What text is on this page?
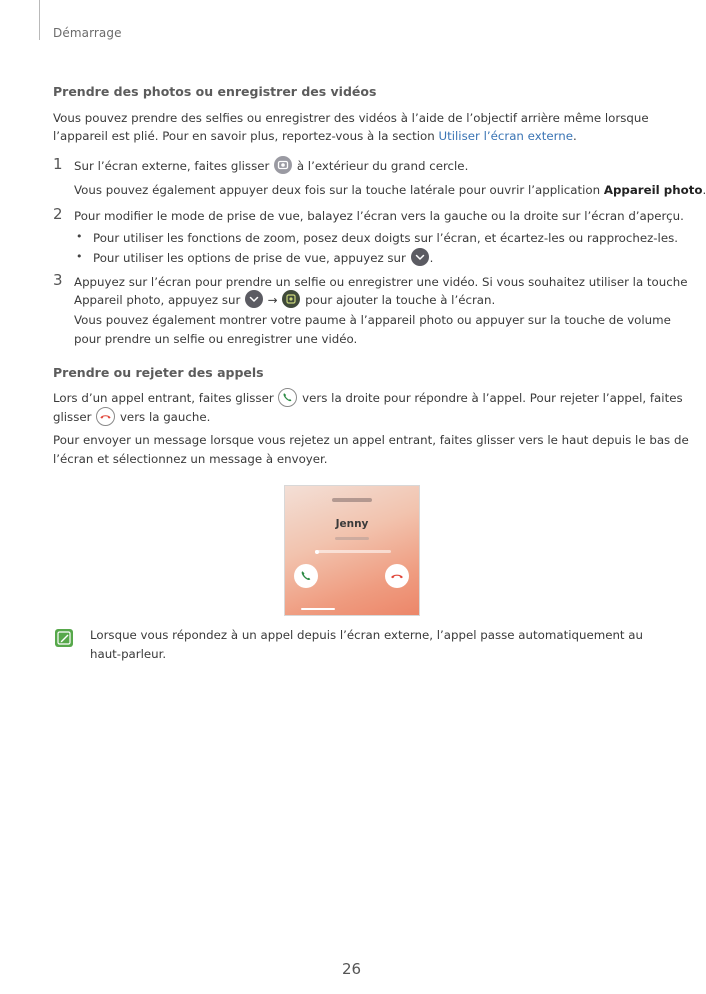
Démarrage
Prendre des photos ou enregistrer des vidéos
Vous pouvez prendre des selfies ou enregistrer des vidéos à l’aide de l’objectif arrière même lorsque
l’appareil est plié. Pour en savoir plus, reportez-vous à la section Utiliser l’écran externe.
1 Sur l’écran externe, faites glisser
à l’extérieur du grand cercle.
Vous pouvez également appuyer deux fois sur la touche latérale pour ouvrir l’application Appareil photo.
2 Pour modifier le mode de prise de vue, balayez l’écran vers la gauche ou la droite sur l’écran d’aperçu.
• Pour utiliser les fonctions de zoom, posez deux doigts sur l’écran, et écartez-les ou rapprochez-les.
• Pour utiliser les options de prise de vue, appuyez sur
.
3 Appuyez sur l’écran pour prendre un selfie ou enregistrer une vidéo. Si vous souhaitez utiliser la touche
Appareil photo, appuyez sur
→
pour ajouter la touche à l’écran.
Vous pouvez également montrer votre paume à l’appareil photo ou appuyer sur la touche de volume
pour prendre un selfie ou enregistrer une vidéo.
Prendre ou rejeter des appels
Lors d’un appel entrant, faites glisser
vers la droite pour répondre à l’appel. Pour rejeter l’appel, faites
glisser
vers la gauche.
Pour envoyer un message lorsque vous rejetez un appel entrant, faites glisser vers le haut depuis le bas de
l’écran et sélectionnez un message à envoyer.
Jenny
Lorsque vous répondez à un appel depuis l’écran externe, l’appel passe automatiquement au
haut-parleur.
26
